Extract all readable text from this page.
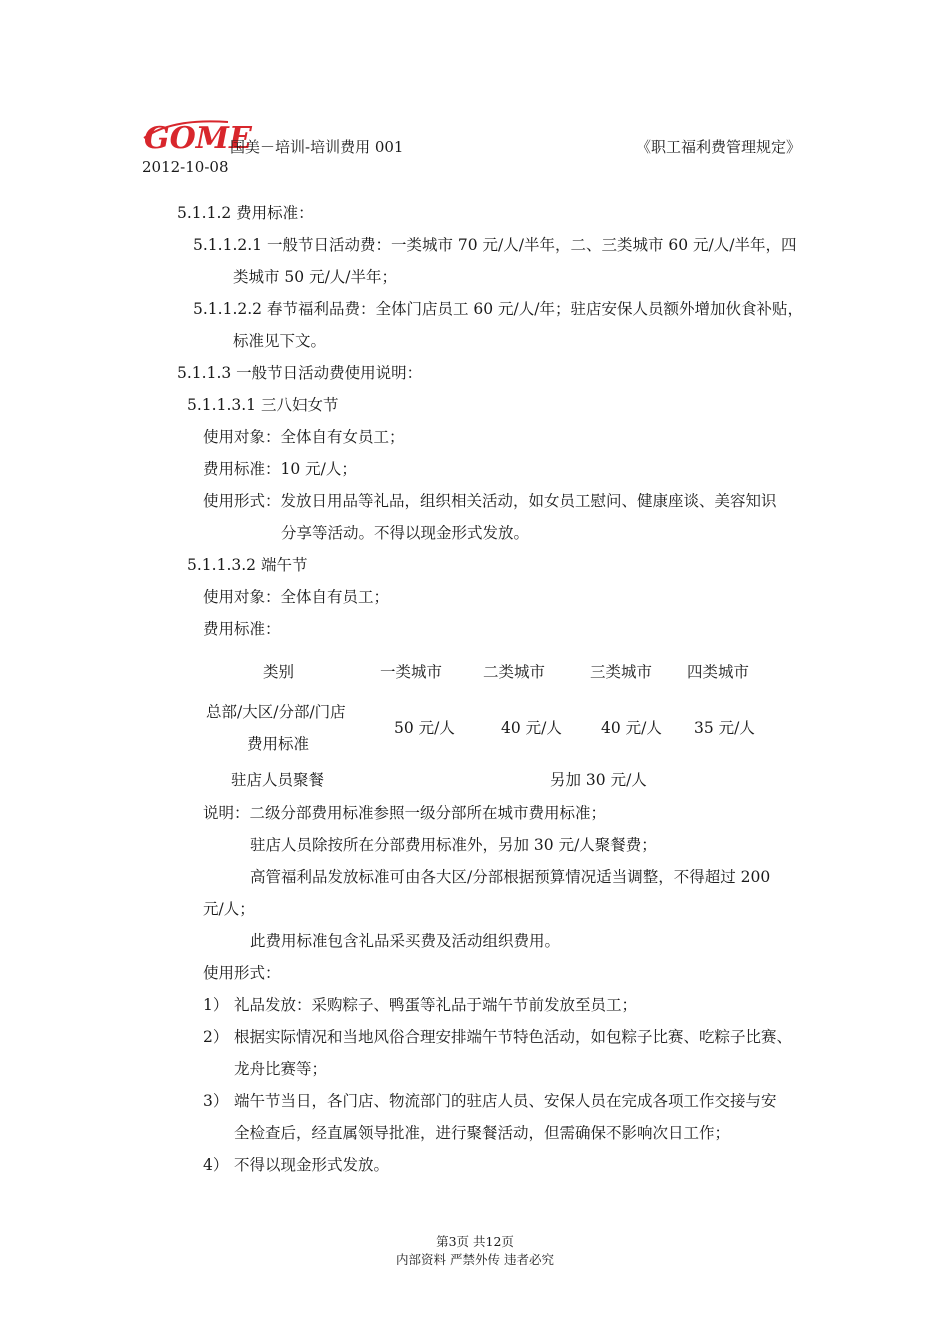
GOME
国美－培训-培训费用 001	《职工福利费管理规定》
2012-10-08
5.1.1.2 费用标准：
5.1.1.2.1 一般节日活动费：一类城市 70 元/人/半年，二、三类城市 60 元/人/半年，四
类城市 50 元/人/半年；
5.1.1.2.2 春节福利品费：全体门店员工 60 元/人/年；驻店安保人员额外增加伙食补贴，
标准见下文。
5.1.1.3 一般节日活动费使用说明：
5.1.1.3.1 三八妇女节
使用对象：全体自有女员工；
费用标准：10 元/人；
使用形式：发放日用品等礼品，组织相关活动，如女员工慰问、健康座谈、美容知识
分享等活动。不得以现金形式发放。
5.1.1.3.2 端午节
使用对象：全体自有员工；
费用标准：
类别	一类城市	二类城市	三类城市 四类城市
总部/大区/分部/门店
费用标准
50 元/人	40 元/人	40 元/人 35 元/人
驻店人员聚餐	另加 30 元/人
说明：二级分部费用标准参照一级分部所在城市费用标准；
驻店人员除按所在分部费用标准外，另加 30 元/人聚餐费；
高管福利品发放标准可由各大区/分部根据预算情况适当调整，不得超过 200
元/人；
此费用标准包含礼品采买费及活动组织费用。
使用形式：
1） 礼品发放：采购粽子、鸭蛋等礼品于端午节前发放至员工；
2） 根据实际情况和当地风俗合理安排端午节特色活动，如包粽子比赛、吃粽子比赛、
龙舟比赛等；
3） 端午节当日，各门店、物流部门的驻店人员、安保人员在完成各项工作交接与安
全检查后，经直属领导批准，进行聚餐活动，但需确保不影响次日工作；
4） 不得以现金形式发放。
第3页 共12页
内部资料 严禁外传 违者必究
